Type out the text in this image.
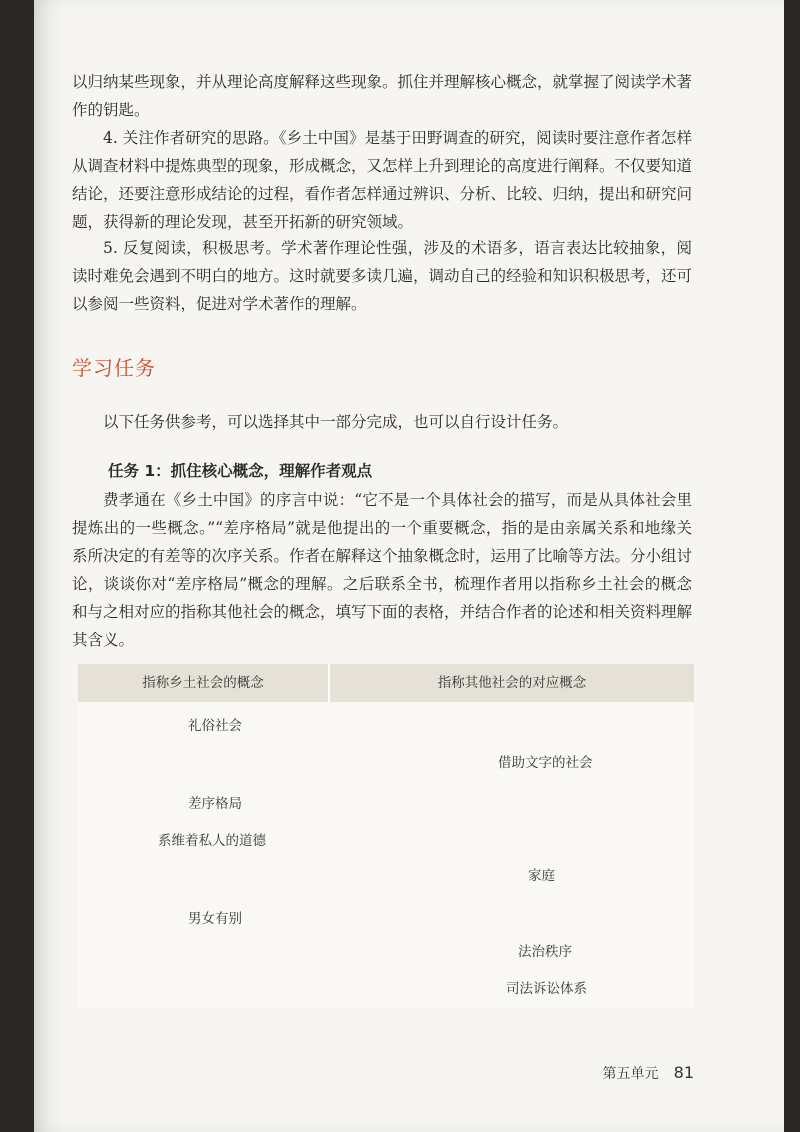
以归纳某些现象，并从理论高度解释这些现象。抓住并理解核心概念，就掌握了阅读学术著作的钥匙。

4. 关注作者研究的思路。《乡土中国》是基于田野调查的研究，阅读时要注意作者怎样从调查材料中提炼典型的现象，形成概念，又怎样上升到理论的高度进行阐释。不仅要知道结论，还要注意形成结论的过程，看作者怎样通过辨识、分析、比较、归纳，提出和研究问题，获得新的理论发现，甚至开拓新的研究领域。

5. 反复阅读，积极思考。学术著作理论性强，涉及的术语多，语言表达比较抽象，阅读时难免会遇到不明白的地方。这时就要多读几遍，调动自己的经验和知识积极思考，还可以参阅一些资料，促进对学术著作的理解。

学习任务

以下任务供参考，可以选择其中一部分完成，也可以自行设计任务。

任务 1：抓住核心概念，理解作者观点

费孝通在《乡土中国》的序言中说：“它不是一个具体社会的描写，而是从具体社会里提炼出的一些概念。”“差序格局”就是他提出的一个重要概念，指的是由亲属关系和地缘关系所决定的有差等的次序关系。作者在解释这个抽象概念时，运用了比喻等方法。分小组讨论，谈谈你对“差序格局”概念的理解。之后联系全书，梳理作者用以指称乡土社会的概念和与之相对应的指称其他社会的概念，填写下面的表格，并结合作者的论述和相关资料理解其含义。

指称乡土社会的概念	指称其他社会的对应概念
礼俗社会
借助文字的社会
差序格局
系维着私人的道德
家庭
男女有别
法治秩序
司法诉讼体系
第五单元 81
